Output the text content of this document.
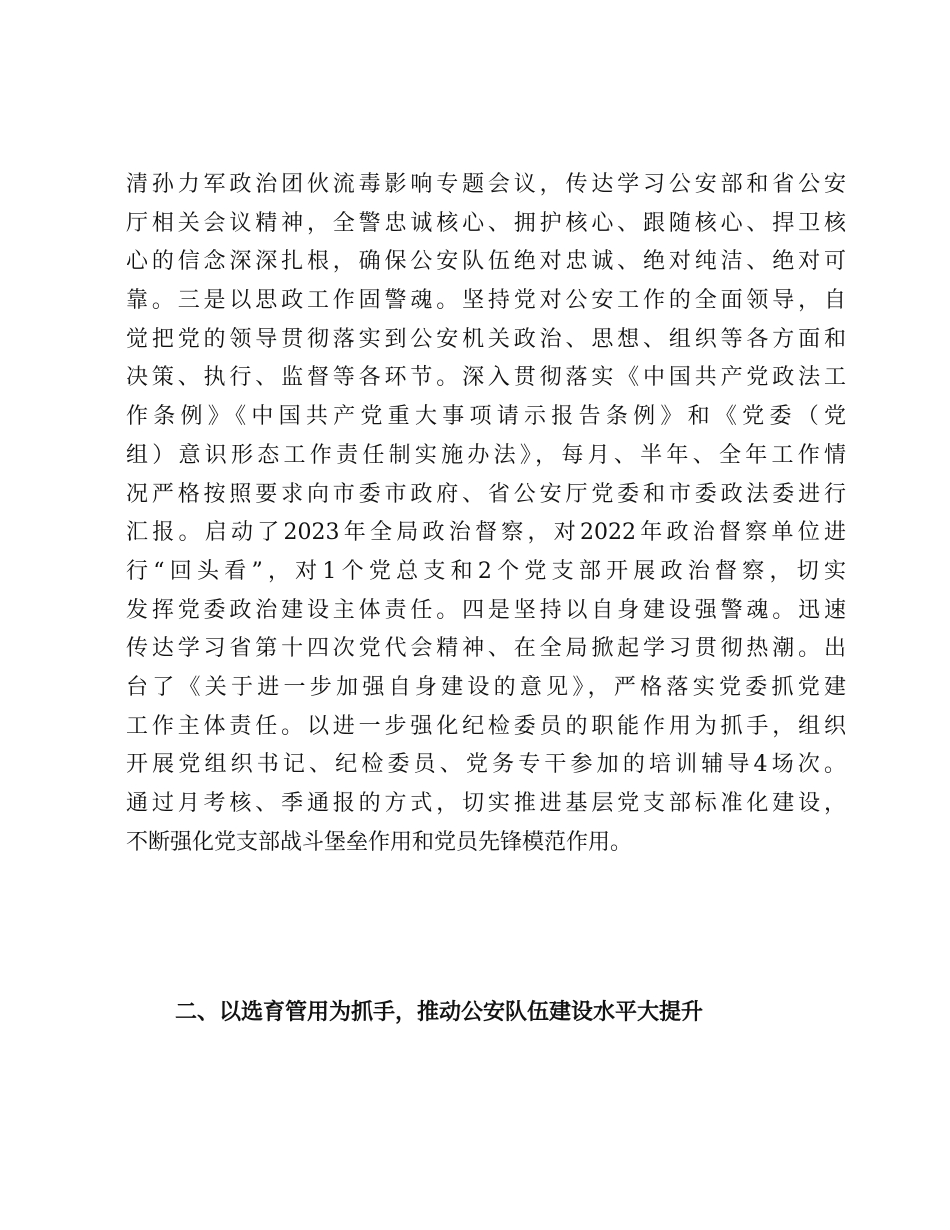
清孙力军政治团伙流毒影响专题会议，传达学习公安部和省公安
厅相关会议精神，全警忠诚核心、拥护核心、跟随核心、捍卫核
心的信念深深扎根，确保公安队伍绝对忠诚、绝对纯洁、绝对可
靠。三是以思政工作固警魂。坚持党对公安工作的全面领导，自
觉把党的领导贯彻落实到公安机关政治、思想、组织等各方面和
决策、执行、监督等各环节。深入贯彻落实《中国共产党政法工
作条例》《中国共产党重大事项请示报告条例》和《党委（党
组）意识形态工作责任制实施办法》，每月、半年、全年工作情
况严格按照要求向市委市政府、省公安厅党委和市委政法委进行
汇报。启动了2023年全局政治督察，对2022年政治督察单位进
行“回头看”，对1个党总支和2个党支部开展政治督察，切实
发挥党委政治建设主体责任。四是坚持以自身建设强警魂。迅速
传达学习省第十四次党代会精神、在全局掀起学习贯彻热潮。出
台了《关于进一步加强自身建设的意见》，严格落实党委抓党建
工作主体责任。以进一步强化纪检委员的职能作用为抓手，组织
开展党组织书记、纪检委员、党务专干参加的培训辅导4场次。
通过月考核、季通报的方式，切实推进基层党支部标准化建设，
不断强化党支部战斗堡垒作用和党员先锋模范作用。
二、以选育管用为抓手，推动公安队伍建设水平大提升
